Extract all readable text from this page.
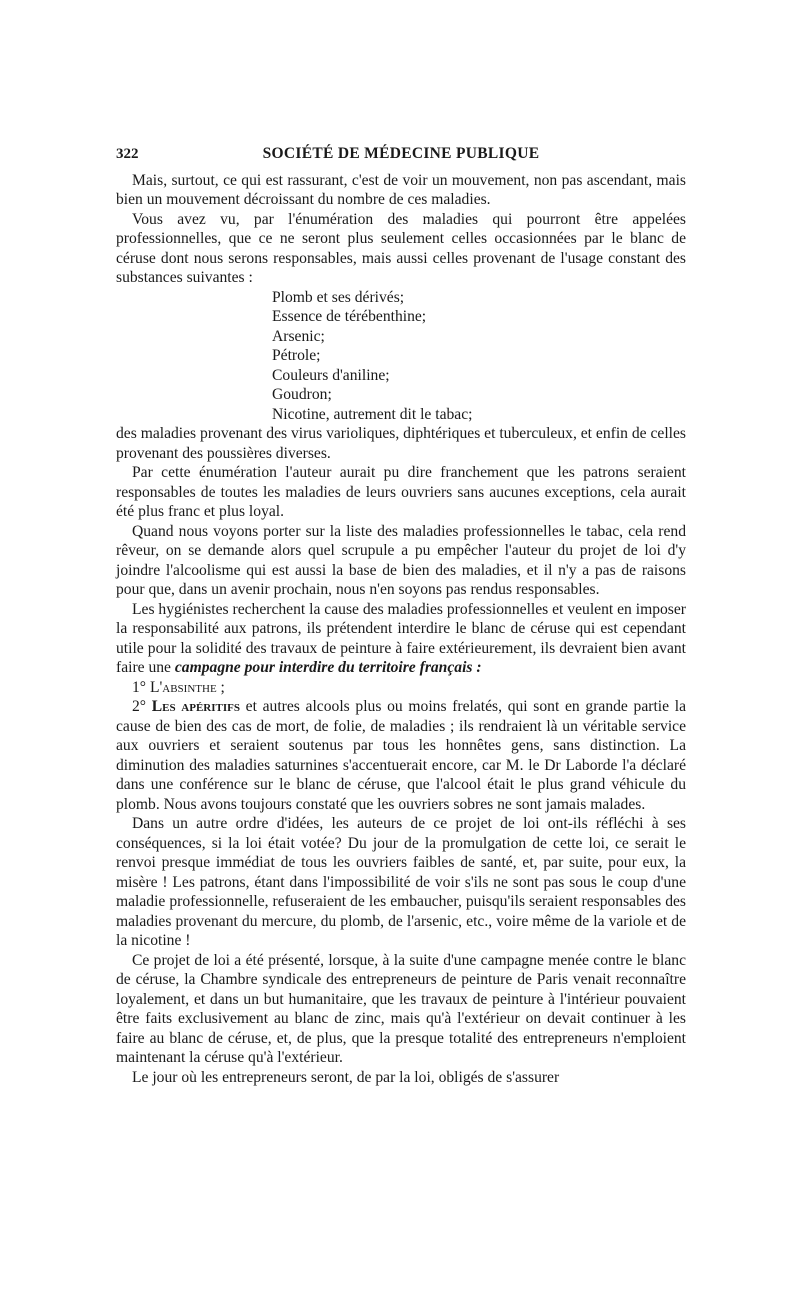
322	SOCIÉTÉ DE MÉDECINE PUBLIQUE

Mais, surtout, ce qui est rassurant, c'est de voir un mouvement, non pas ascendant, mais bien un mouvement décroissant du nombre de ces maladies.

Vous avez vu, par l'énumération des maladies qui pourront être appelées professionnelles, que ce ne seront plus seulement celles occasionnées par le blanc de céruse dont nous serons responsables, mais aussi celles provenant de l'usage constant des substances suivantes :

Plomb et ses dérivés;
Essence de térébenthine;
Arsenic;
Pétrole;
Couleurs d'aniline;
Goudron;
Nicotine, autrement dit le tabac;

des maladies provenant des virus varioliques, diphtériques et tuberculeux, et enfin de celles provenant des poussières diverses.

Par cette énumération l'auteur aurait pu dire franchement que les patrons seraient responsables de toutes les maladies de leurs ouvriers sans aucunes exceptions, cela aurait été plus franc et plus loyal.

Quand nous voyons porter sur la liste des maladies professionnelles le tabac, cela rend rêveur, on se demande alors quel scrupule a pu empêcher l'auteur du projet de loi d'y joindre l'alcoolisme qui est aussi la base de bien des maladies, et il n'y a pas de raisons pour que, dans un avenir prochain, nous n'en soyons pas rendus responsables.

Les hygiénistes recherchent la cause des maladies professionnelles et veulent en imposer la responsabilité aux patrons, ils prétendent interdire le blanc de céruse qui est cependant utile pour la solidité des travaux de peinture à faire extérieurement, ils devraient bien avant faire une campagne pour interdire du territoire français :

1° L'absinthe ;

2° Les apéritifs et autres alcools plus ou moins frelatés, qui sont en grande partie la cause de bien des cas de mort, de folie, de maladies ; ils rendraient là un véritable service aux ouvriers et seraient soutenus par tous les honnêtes gens, sans distinction. La diminution des maladies saturnines s'accentuerait encore, car M. le Dr Laborde l'a déclaré dans une conférence sur le blanc de céruse, que l'alcool était le plus grand véhicule du plomb. Nous avons toujours constaté que les ouvriers sobres ne sont jamais malades.

Dans un autre ordre d'idées, les auteurs de ce projet de loi ont-ils réfléchi à ses conséquences, si la loi était votée? Du jour de la promulgation de cette loi, ce serait le renvoi presque immédiat de tous les ouvriers faibles de santé, et, par suite, pour eux, la misère ! Les patrons, étant dans l'impossibilité de voir s'ils ne sont pas sous le coup d'une maladie professionnelle, refuseraient de les embaucher, puisqu'ils seraient responsables des maladies provenant du mercure, du plomb, de l'arsenic, etc., voire même de la variole et de la nicotine !

Ce projet de loi a été présenté, lorsque, à la suite d'une campagne menée contre le blanc de céruse, la Chambre syndicale des entrepreneurs de peinture de Paris venait reconnaître loyalement, et dans un but humanitaire, que les travaux de peinture à l'intérieur pouvaient être faits exclusivement au blanc de zinc, mais qu'à l'extérieur on devait continuer à les faire au blanc de céruse, et, de plus, que la presque totalité des entrepreneurs n'emploient maintenant la céruse qu'à l'extérieur.

Le jour où les entrepreneurs seront, de par la loi, obligés de s'assurer
